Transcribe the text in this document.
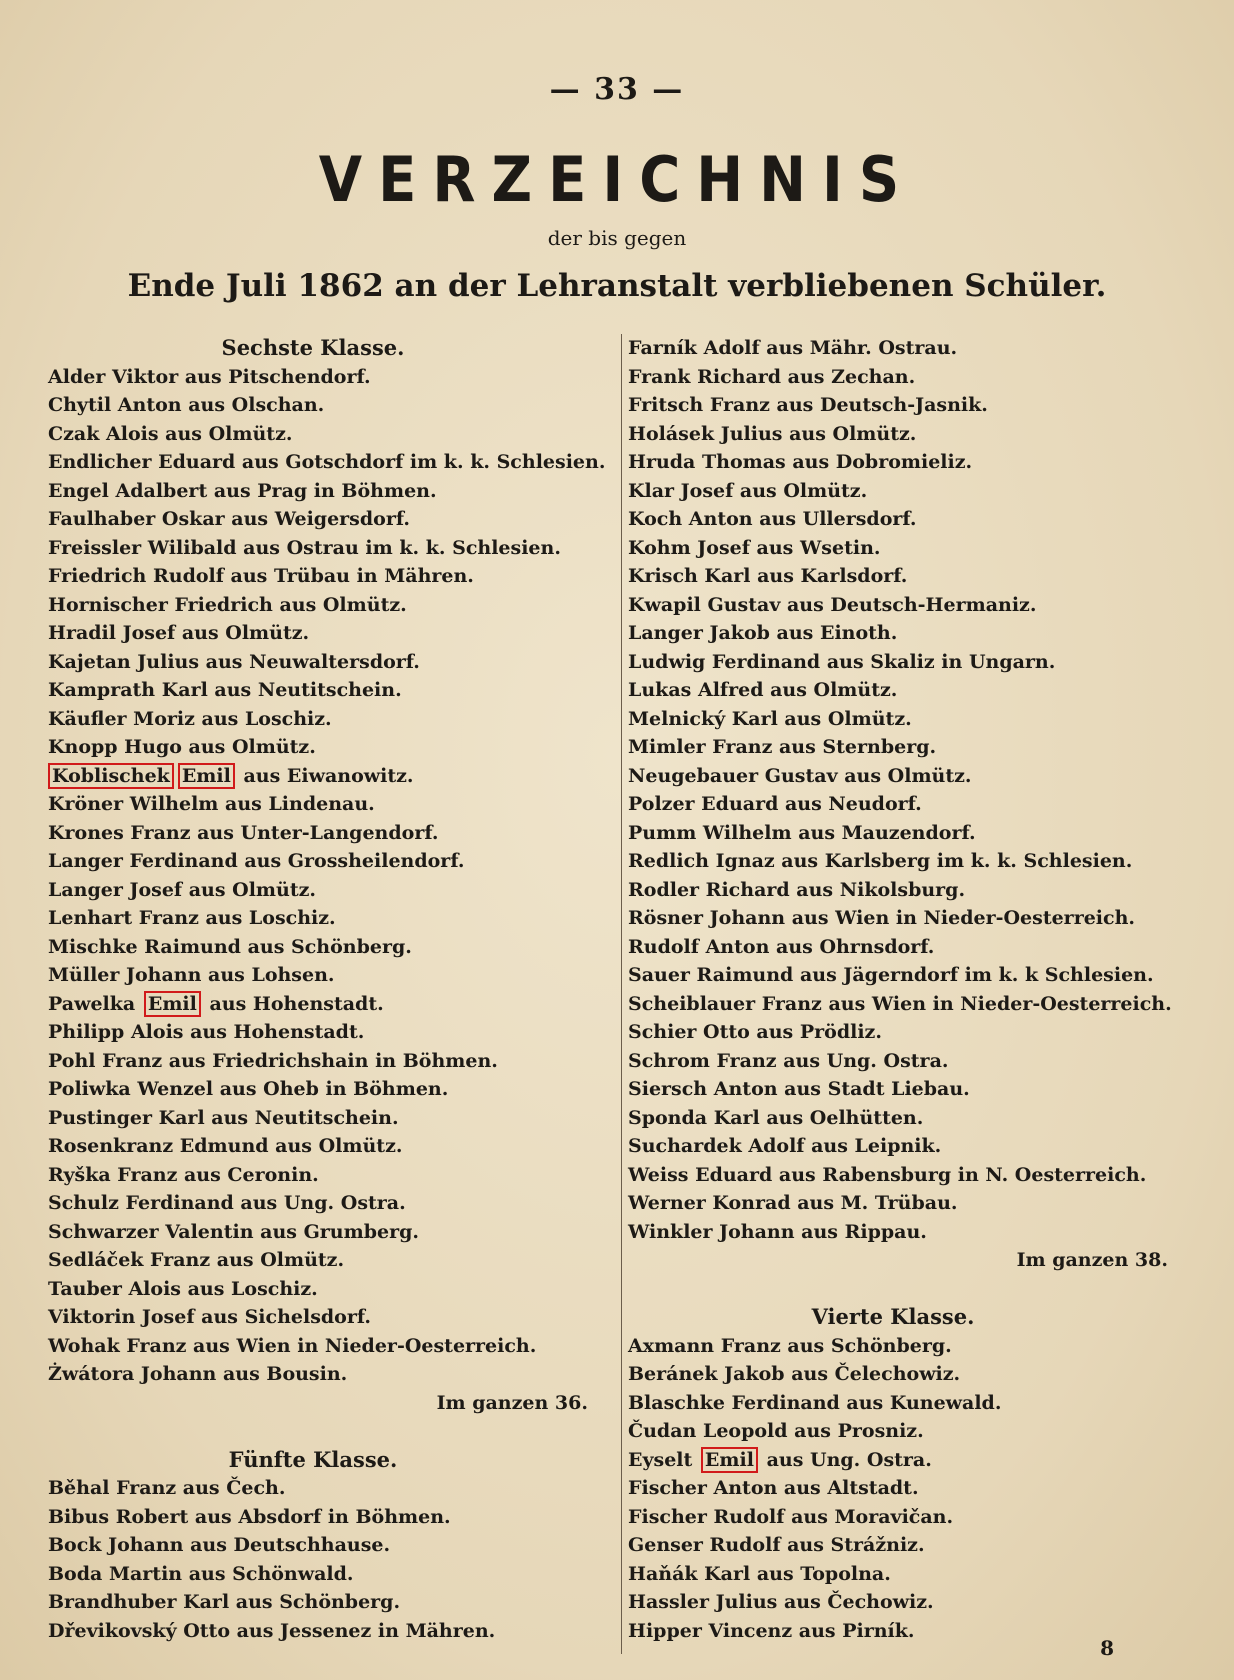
— 33 —
VERZEICHNIS
der bis gegen
Ende Juli 1862 an der Lehranstalt verbliebenen Schüler.
Sechste Klasse.
Alder Viktor aus Pitschendorf.
Chytil Anton aus Olschan.
Czak Alois aus Olmütz.
Endlicher Eduard aus Gotschdorf im k. k. Schlesien.
Engel Adalbert aus Prag in Böhmen.
Faulhaber Oskar aus Weigersdorf.
Freissler Wilibald aus Ostrau im k. k. Schlesien.
Friedrich Rudolf aus Trübau in Mähren.
Hornischer Friedrich aus Olmütz.
Hradil Josef aus Olmütz.
Kajetan Julius aus Neuwaltersdorf.
Kamprath Karl aus Neutitschein.
Käufler Moriz aus Loschiz.
Knopp Hugo aus Olmütz.
Koblischek Emil aus Eiwanowitz.
Kröner Wilhelm aus Lindenau.
Krones Franz aus Unter-Langendorf.
Langer Ferdinand aus Grossheilendorf.
Langer Josef aus Olmütz.
Lenhart Franz aus Loschiz.
Mischke Raimund aus Schönberg.
Müller Johann aus Lohsen.
Pawelka Emil aus Hohenstadt.
Philipp Alois aus Hohenstadt.
Pohl Franz aus Friedrichshain in Böhmen.
Poliwka Wenzel aus Oheb in Böhmen.
Pustinger Karl aus Neutitschein.
Rosenkranz Edmund aus Olmütz.
Ryška Franz aus Ceronin.
Schulz Ferdinand aus Ung. Ostra.
Schwarzer Valentin aus Grumberg.
Sedláček Franz aus Olmütz.
Tauber Alois aus Loschiz.
Viktorin Josef aus Sichelsdorf.
Wohak Franz aus Wien in Nieder-Oesterreich.
Żwátora Johann aus Bousin.
Im ganzen 36.
Fünfte Klasse.
Běhal Franz aus Čech.
Bibus Robert aus Absdorf in Böhmen.
Bock Johann aus Deutschhause.
Boda Martin aus Schönwald.
Brandhuber Karl aus Schönberg.
Dřevikovský Otto aus Jessenez in Mähren.
Farník Adolf aus Mähr. Ostrau.
Frank Richard aus Zechan.
Fritsch Franz aus Deutsch-Jasnik.
Holásek Julius aus Olmütz.
Hruda Thomas aus Dobromieliz.
Klar Josef aus Olmütz.
Koch Anton aus Ullersdorf.
Kohm Josef aus Wsetin.
Krisch Karl aus Karlsdorf.
Kwapil Gustav aus Deutsch-Hermaniz.
Langer Jakob aus Einoth.
Ludwig Ferdinand aus Skaliz in Ungarn.
Lukas Alfred aus Olmütz.
Melnický Karl aus Olmütz.
Mimler Franz aus Sternberg.
Neugebauer Gustav aus Olmütz.
Polzer Eduard aus Neudorf.
Pumm Wilhelm aus Mauzendorf.
Redlich Ignaz aus Karlsberg im k. k. Schlesien.
Rodler Richard aus Nikolsburg.
Rösner Johann aus Wien in Nieder-Oesterreich.
Rudolf Anton aus Ohrnsdorf.
Sauer Raimund aus Jägerndorf im k. k Schlesien.
Scheiblauer Franz aus Wien in Nieder-Oesterreich.
Schier Otto aus Prödliz.
Schrom Franz aus Ung. Ostra.
Siersch Anton aus Stadt Liebau.
Sponda Karl aus Oelhütten.
Suchardek Adolf aus Leipnik.
Weiss Eduard aus Rabensburg in N. Oesterreich.
Werner Konrad aus M. Trübau.
Winkler Johann aus Rippau.
Im ganzen 38.
Vierte Klasse.
Axmann Franz aus Schönberg.
Beránek Jakob aus Čelechowiz.
Blaschke Ferdinand aus Kunewald.
Čudan Leopold aus Prosniz.
Eyselt Emil aus Ung. Ostra.
Fischer Anton aus Altstadt.
Fischer Rudolf aus Moravičan.
Genser Rudolf aus Strážniz.
Haňák Karl aus Topolna.
Hassler Julius aus Čechowiz.
Hipper Vincenz aus Pirník.
8
